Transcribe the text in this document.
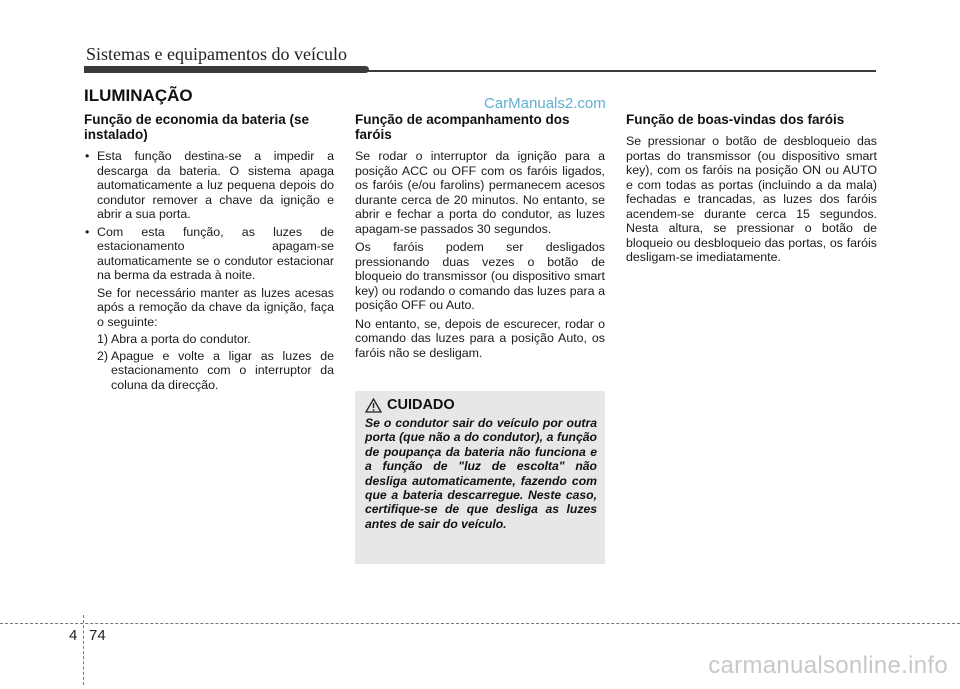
Sistemas e equipamentos do veículo
ILUMINAÇÃO	CarManuals2.com
Função de economia da bateria (se instalado)
• Esta função destina-se a impedir a descarga da bateria. O sistema apaga automaticamente a luz pequena depois do condutor remover a chave da ignição e abrir a sua porta.
• Com esta função, as luzes de estacionamento apagam-se automaticamente se o condutor estacionar na berma da estrada à noite.
Se for necessário manter as luzes acesas após a remoção da chave da ignição, faça o seguinte:
1) Abra a porta do condutor.
2) Apague e volte a ligar as luzes de estacionamento com o interruptor da coluna da direcção.
Função de acompanhamento dos faróis

Se rodar o interruptor da ignição para a posição ACC ou OFF com os faróis ligados, os faróis (e/ou farolins) permanecem acesos durante cerca de 20 minutos. No entanto, se abrir e fechar a porta do condutor, as luzes apagam-se passados 30 segundos.

Os faróis podem ser desligados pressionando duas vezes o botão de bloqueio do transmissor (ou dispositivo smart key) ou rodando o comando das luzes para a posição OFF ou Auto.

No entanto, se, depois de escurecer, rodar o comando das luzes para a posição Auto, os faróis não se desligam.

CUIDADO

Se o condutor sair do veículo por outra porta (que não a do condutor), a função de poupança da bateria não funciona e a função de "luz de escolta" não desliga automaticamente, fazendo com que a bateria descarregue. Neste caso, certifique-se de que desliga as luzes antes de sair do veículo.

Função de boas-vindas dos faróis

Se pressionar o botão de desbloqueio das portas do transmissor (ou dispositivo smart key), com os faróis na posição ON ou AUTO e com todas as portas (incluindo a da mala) fechadas e trancadas, as luzes dos faróis acendem-se durante cerca 15 segundos. Nesta altura, se pressionar o botão de bloqueio ou desbloqueio das portas, os faróis desligam-se imediatamente.

4 74
carmanualsonline.info
